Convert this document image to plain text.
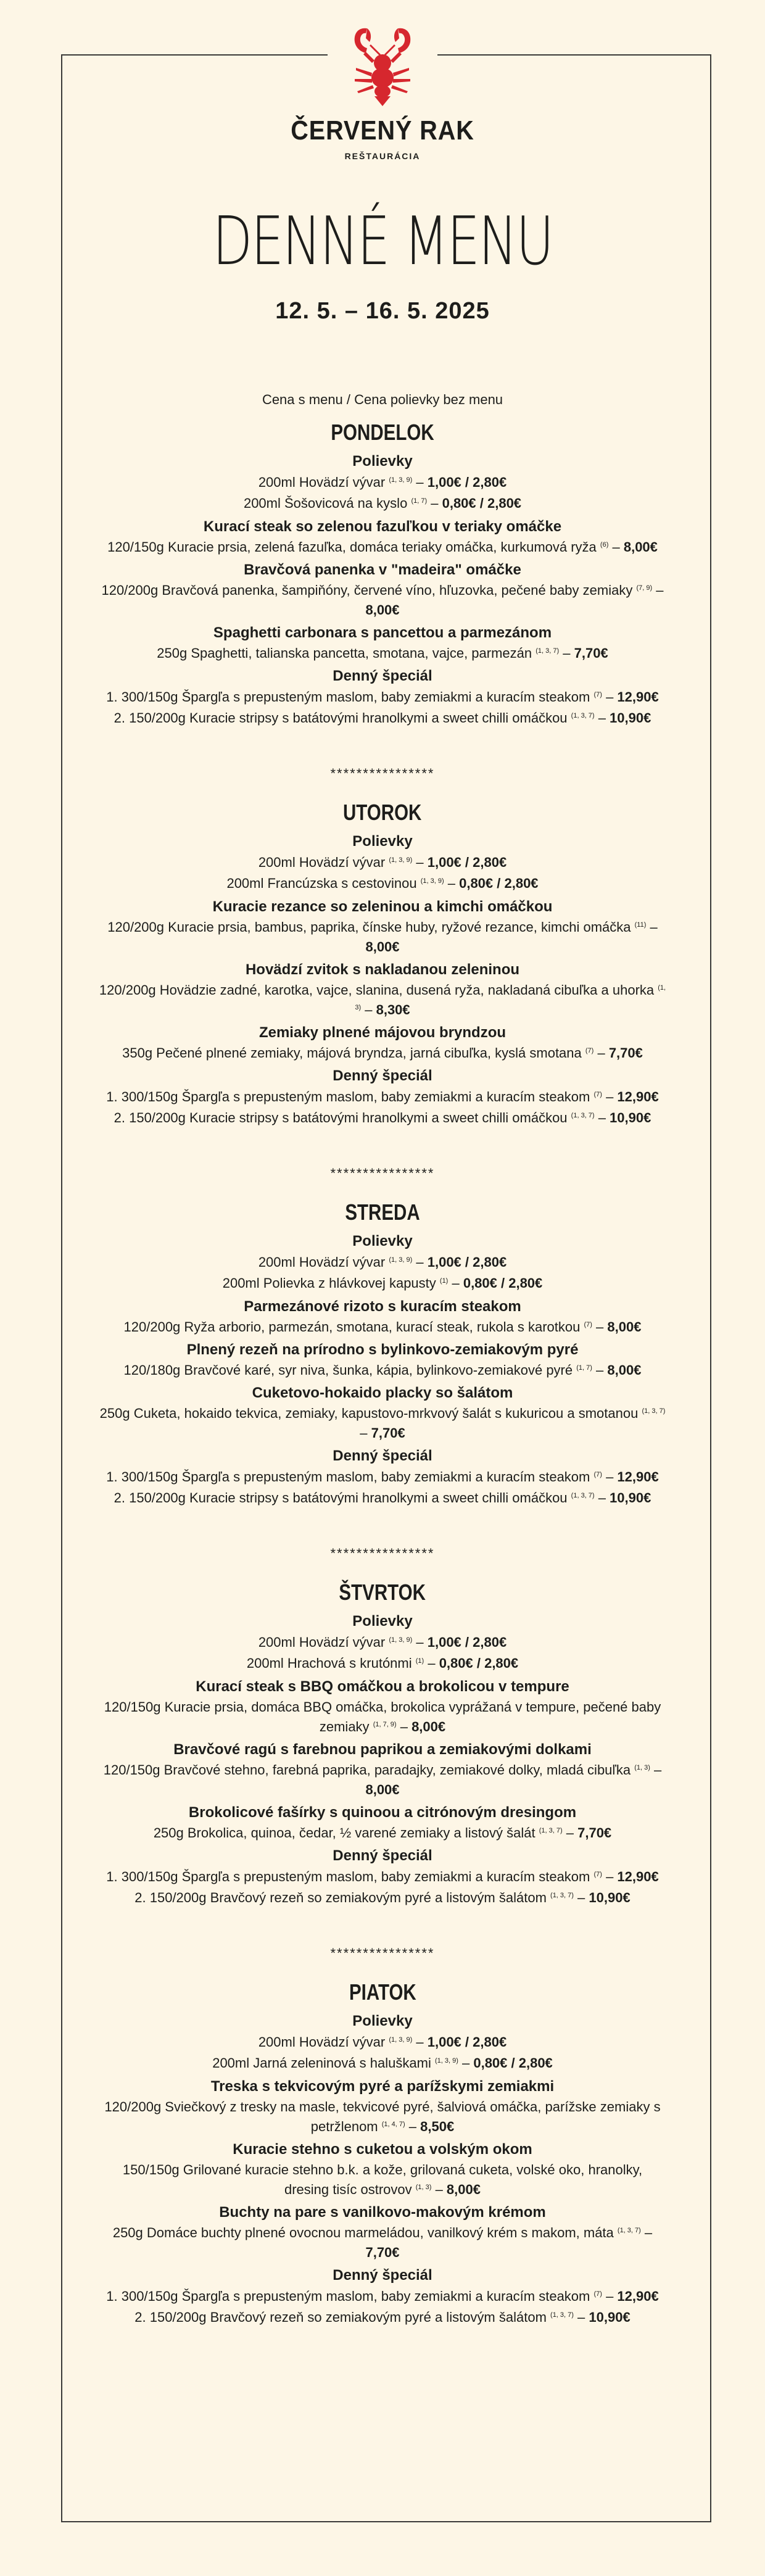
ČERVENÝ RAK
REŠTAURÁCIA
DENNÉ MENU
12. 5. – 16. 5. 2025
Cena s menu / Cena polievky bez menu
PONDELOK
Polievky
200ml Hovädzí vývar $^{(1, 3, 9)}$ – 1,00€ / 2,80€
200ml Šošovicová na kyslo $^{(1, 7)}$ – 0,80€ / 2,80€
Kurací steak so zelenou fazuľkou v teriaky omáčke
120/150g Kuracie prsia, zelená fazuľka, domáca teriaky omáčka, kurkumová ryža $^{(6)}$ – 8,00€
Bravčová panenka v "madeira" omáčke
120/200g Bravčová panenka, šampiňóny, červené víno, hľuzovka, pečené baby zemiaky $^{(7, 9)}$ – 8,00€
Spaghetti carbonara s pancettou a parmezánom
250g Spaghetti, talianska pancetta, smotana, vajce, parmezán $^{(1, 3, 7)}$ – 7,70€
Denný špeciál
1. 300/150g Špargľa s prepusteným maslom, baby zemiakmi a kuracím steakom $^{(7)}$ – 12,90€
2. 150/200g Kuracie stripsy s batátovými hranolkymi a sweet chilli omáčkou $^{(1, 3, 7)}$ – 10,90€
****************
UTOROK
Polievky
200ml Hovädzí vývar $^{(1, 3, 9)}$ – 1,00€ / 2,80€
200ml Francúzska s cestovinou $^{(1, 3, 9)}$ – 0,80€ / 2,80€
Kuracie rezance so zeleninou a kimchi omáčkou
120/200g Kuracie prsia, bambus, paprika, čínske huby, ryžové rezance, kimchi omáčka $^{(11)}$ – 8,00€
Hovädzí zvitok s nakladanou zeleninou
120/200g Hovädzie zadné, karotka, vajce, slanina, dusená ryža, nakladaná cibuľka a uhorka $^{(1, 3)}$ – 8,30€
Zemiaky plnené májovou bryndzou
350g Pečené plnené zemiaky, májová bryndza, jarná cibuľka, kyslá smotana $^{(7)}$ – 7,70€
Denný špeciál
1. 300/150g Špargľa s prepusteným maslom, baby zemiakmi a kuracím steakom $^{(7)}$ – 12,90€
2. 150/200g Kuracie stripsy s batátovými hranolkymi a sweet chilli omáčkou $^{(1, 3, 7)}$ – 10,90€
****************
STREDA
Polievky
200ml Hovädzí vývar $^{(1, 3, 9)}$ – 1,00€ / 2,80€
200ml Polievka z hlávkovej kapusty $^{(1)}$ – 0,80€ / 2,80€
Parmezánové rizoto s kuracím steakom
120/200g Ryža arborio, parmezán, smotana, kurací steak, rukola s karotkou $^{(7)}$ – 8,00€
Plnený rezeň na prírodno s bylinkovo-zemiakovým pyré
120/180g Bravčové karé, syr niva, šunka, kápia, bylinkovo-zemiakové pyré $^{(1, 7)}$ – 8,00€
Cuketovo-hokaido placky so šalátom
250g Cuketa, hokaido tekvica, zemiaky, kapustovo-mrkvový šalát s kukuricou a smotanou $^{(1, 3, 7)}$ – 7,70€
Denný špeciál
1. 300/150g Špargľa s prepusteným maslom, baby zemiakmi a kuracím steakom $^{(7)}$ – 12,90€
2. 150/200g Kuracie stripsy s batátovými hranolkymi a sweet chilli omáčkou $^{(1, 3, 7)}$ – 10,90€
****************
ŠTVRTOK
Polievky
200ml Hovädzí vývar $^{(1, 3, 9)}$ – 1,00€ / 2,80€
200ml Hrachová s krutónmi $^{(1)}$ – 0,80€ / 2,80€
Kurací steak s BBQ omáčkou a brokolicou v tempure
120/150g Kuracie prsia, domáca BBQ omáčka, brokolica vyprážaná v tempure, pečené baby zemiaky $^{(1, 7, 9)}$ – 8,00€
Bravčové ragú s farebnou paprikou a zemiakovými dolkami
120/150g Bravčové stehno, farebná paprika, paradajky, zemiakové dolky, mladá cibuľka $^{(1, 3)}$ – 8,00€
Brokolicové fašírky s quinoou a citrónovým dresingom
250g Brokolica, quinoa, čedar, ½ varené zemiaky a listový šalát $^{(1, 3, 7)}$ – 7,70€
Denný špeciál
1. 300/150g Špargľa s prepusteným maslom, baby zemiakmi a kuracím steakom $^{(7)}$ – 12,90€
2. 150/200g Bravčový rezeň so zemiakovým pyré a listovým šalátom $^{(1, 3, 7)}$ – 10,90€
****************
PIATOK
Polievky
200ml Hovädzí vývar $^{(1, 3, 9)}$ – 1,00€ / 2,80€
200ml Jarná zeleninová s haluškami $^{(1, 3, 9)}$ – 0,80€ / 2,80€
Treska s tekvicovým pyré a parížskymi zemiakmi
120/200g Sviečkový z tresky na masle, tekvicové pyré, šalviová omáčka, parížske zemiaky s petržlenom $^{(1, 4, 7)}$ – 8,50€
Kuracie stehno s cuketou a volským okom
150/150g Grilované kuracie stehno b.k. a kože, grilovaná cuketa, volské oko, hranolky, dresing tisíc ostrovov $^{(1, 3)}$ – 8,00€
Buchty na pare s vanilkovo-makovým krémom
250g Domáce buchty plnené ovocnou marmeládou, vanilkový krém s makom, máta $^{(1, 3, 7)}$ – 7,70€
Denný špeciál
1. 300/150g Špargľa s prepusteným maslom, baby zemiakmi a kuracím steakom $^{(7)}$ – 12,90€
2. 150/200g Bravčový rezeň so zemiakovým pyré a listovým šalátom $^{(1, 3, 7)}$ – 10,90€
